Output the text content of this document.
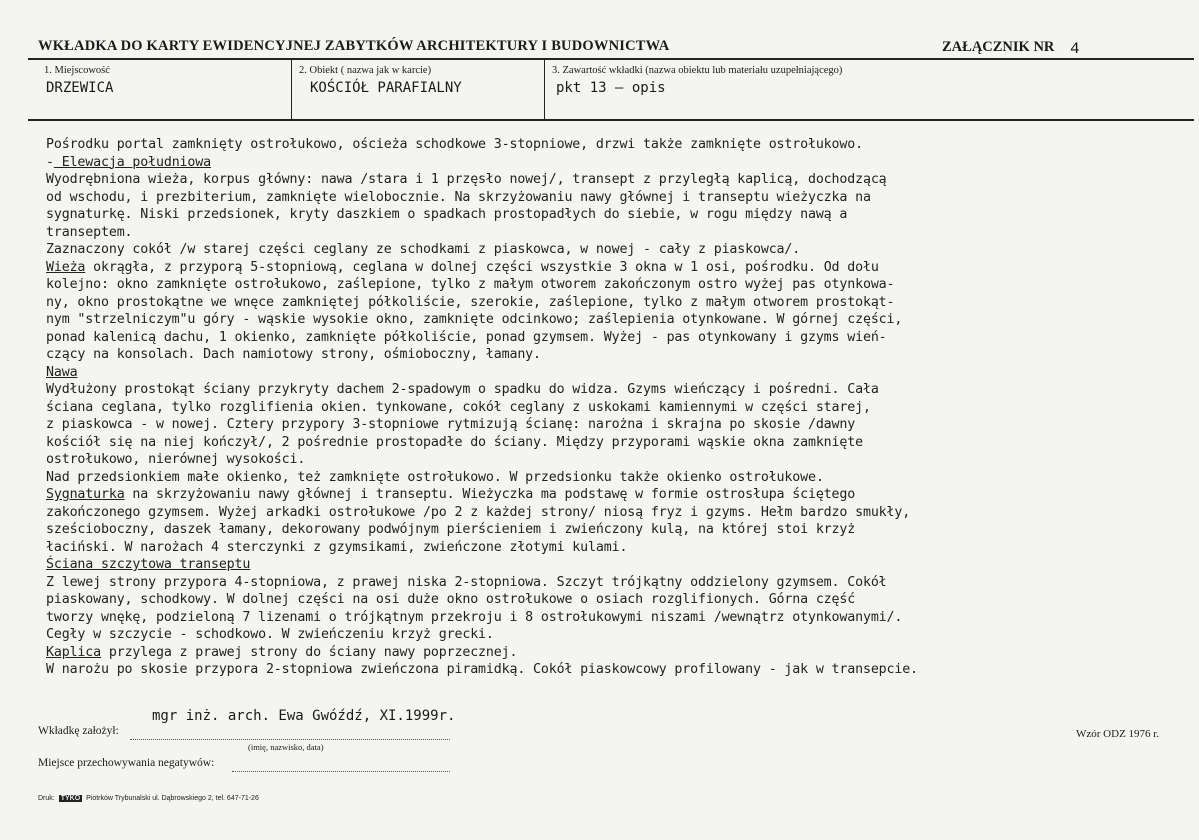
WKŁADKA DO KARTY EWIDENCYJNEJ ZABYTKÓW ARCHITEKTURY I BUDOWNICTWA	ZAŁĄCZNIK NR 4
1. Miejscowość
DRZEWICA
2. Obiekt ( nazwa jak w karcie)
KOŚCIÓŁ PARAFIALNY
3. Zawartość wkładki (nazwa obiektu lub materiału uzupełniającego)
pkt 13 – opis
Pośrodku portal zamknięty ostrołukowo, ościeża schodkowe 3-stopniowe, drzwi także zamknięte ostrołukowo.
- Elewacja południowa
Wyodrębniona wieża, korpus główny: nawa /stara i 1 przęsło nowej/, transept z przyległą kaplicą, dochodzącą
od wschodu, i prezbiterium, zamknięte wielobocznie. Na skrzyżowaniu nawy głównej i transeptu wieżyczka na
sygnaturkę. Niski przedsionek, kryty daszkiem o spadkach prostopadłych do siebie, w rogu między nawą a
transeptem.
Zaznaczony cokół /w starej części ceglany ze schodkami z piaskowca, w nowej - cały z piaskowca/.
Wieża okrągła, z przyporą 5-stopniową, ceglana w dolnej części wszystkie 3 okna w 1 osi, pośrodku. Od dołu
kolejno: okno zamknięte ostrołukowo, zaślepione, tylko z małym otworem zakończonym ostro wyżej pas otynkowa-
ny, okno prostokątne we wnęce zamkniętej półkoliście, szerokie, zaślepione, tylko z małym otworem prostokąt-
nym "strzelniczym"u góry - wąskie wysokie okno, zamknięte odcinkowo; zaślepienia otynkowane. W górnej części,
ponad kalenicą dachu, 1 okienko, zamknięte półkoliście, ponad gzymsem. Wyżej - pas otynkowany i gzyms wień-
czący na konsolach. Dach namiotowy strony, ośmioboczny, łamany.
Nawa
Wydłużony prostokąt ściany przykryty dachem 2-spadowym o spadku do widza. Gzyms wieńczący i pośredni. Cała
ściana ceglana, tylko rozglifienia okien. tynkowane, cokół ceglany z uskokami kamiennymi w części starej,
z piaskowca - w nowej. Cztery przypory 3-stopniowe rytmizują ścianę: narożna i skrajna po skosie /dawny
kościół się na niej kończył/, 2 pośrednie prostopadłe do ściany. Między przyporami wąskie okna zamknięte
ostrołukowo, nierównej wysokości.
Nad przedsionkiem małe okienko, też zamknięte ostrołukowo. W przedsionku także okienko ostrołukowe.
Sygnaturka na skrzyżowaniu nawy głównej i transeptu. Wieżyczka ma podstawę w formie ostrosłupa ściętego
zakończonego gzymsem. Wyżej arkadki ostrołukowe /po 2 z każdej strony/ niosą fryz i gzyms. Hełm bardzo smukły,
sześcioboczny, daszek łamany, dekorowany podwójnym pierścieniem i zwieńczony kulą, na której stoi krzyż
łaciński. W narożach 4 sterczynki z gzymsikami, zwieńczone złotymi kulami.
Ściana szczytowa transeptu
Z lewej strony przypora 4-stopniowa, z prawej niska 2-stopniowa. Szczyt trójkątny oddzielony gzymsem. Cokół
piaskowany, schodkowy. W dolnej części na osi duże okno ostrołukowe o osiach rozglifionych. Górna część
tworzy wnękę, podzieloną 7 lizenami o trójkątnym przekroju i 8 ostrołukowymi niszami /wewnątrz otynkowanymi/.
Cegły w szczycie - schodkowo. W zwieńczeniu krzyż grecki.
Kaplica przylega z prawej strony do ściany nawy poprzecznej.
W narożu po skosie przypora 2-stopniowa zwieńczona piramidką. Cokół piaskowcowy profilowany - jak w transepcie.
mgr inż. arch. Ewa Gwóźdź, XI.1999r.
Wkładkę założył:
(imię, nazwisko, data)
Wzór ODZ 1976 r.
Miejsce przechowywania negatywów:
Druk: TYKO Piotrków Trybunalski ul. Dąbrowskiego 2, tel. 647-71-26
